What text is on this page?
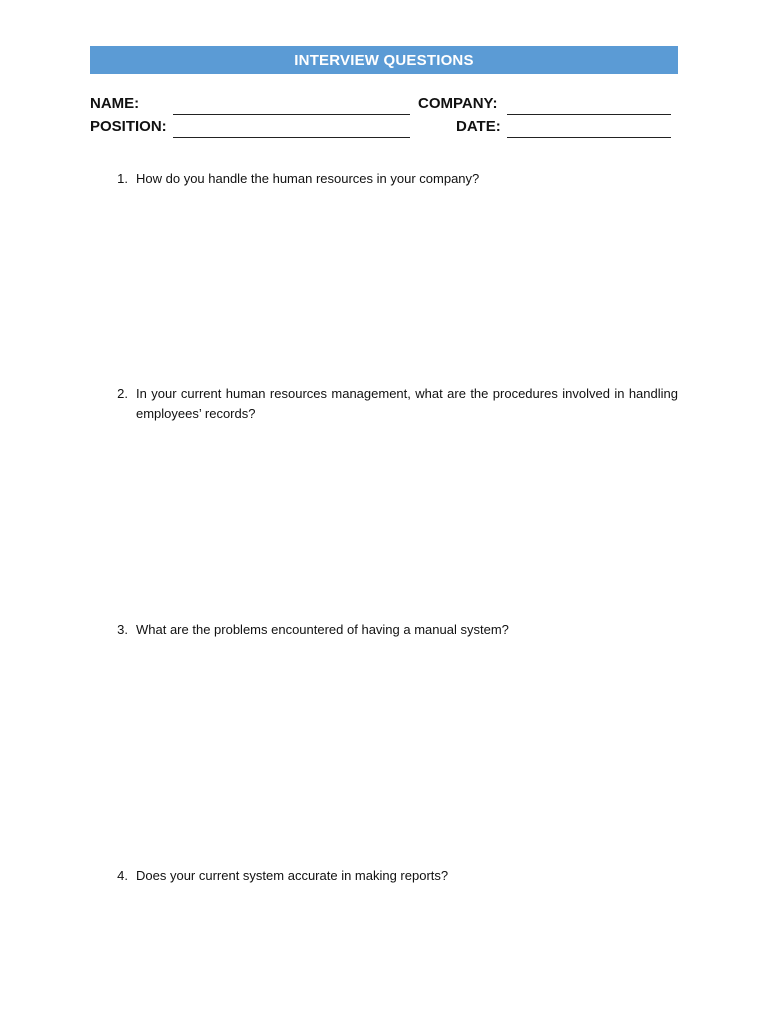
INTERVIEW QUESTIONS
NAME:	COMPANY:
POSITION:	DATE:
1. How do you handle the human resources in your company?
2. In your current human resources management, what are the procedures involved in handling employees’ records?
3. What are the problems encountered of having a manual system?
4. Does your current system accurate in making reports?
